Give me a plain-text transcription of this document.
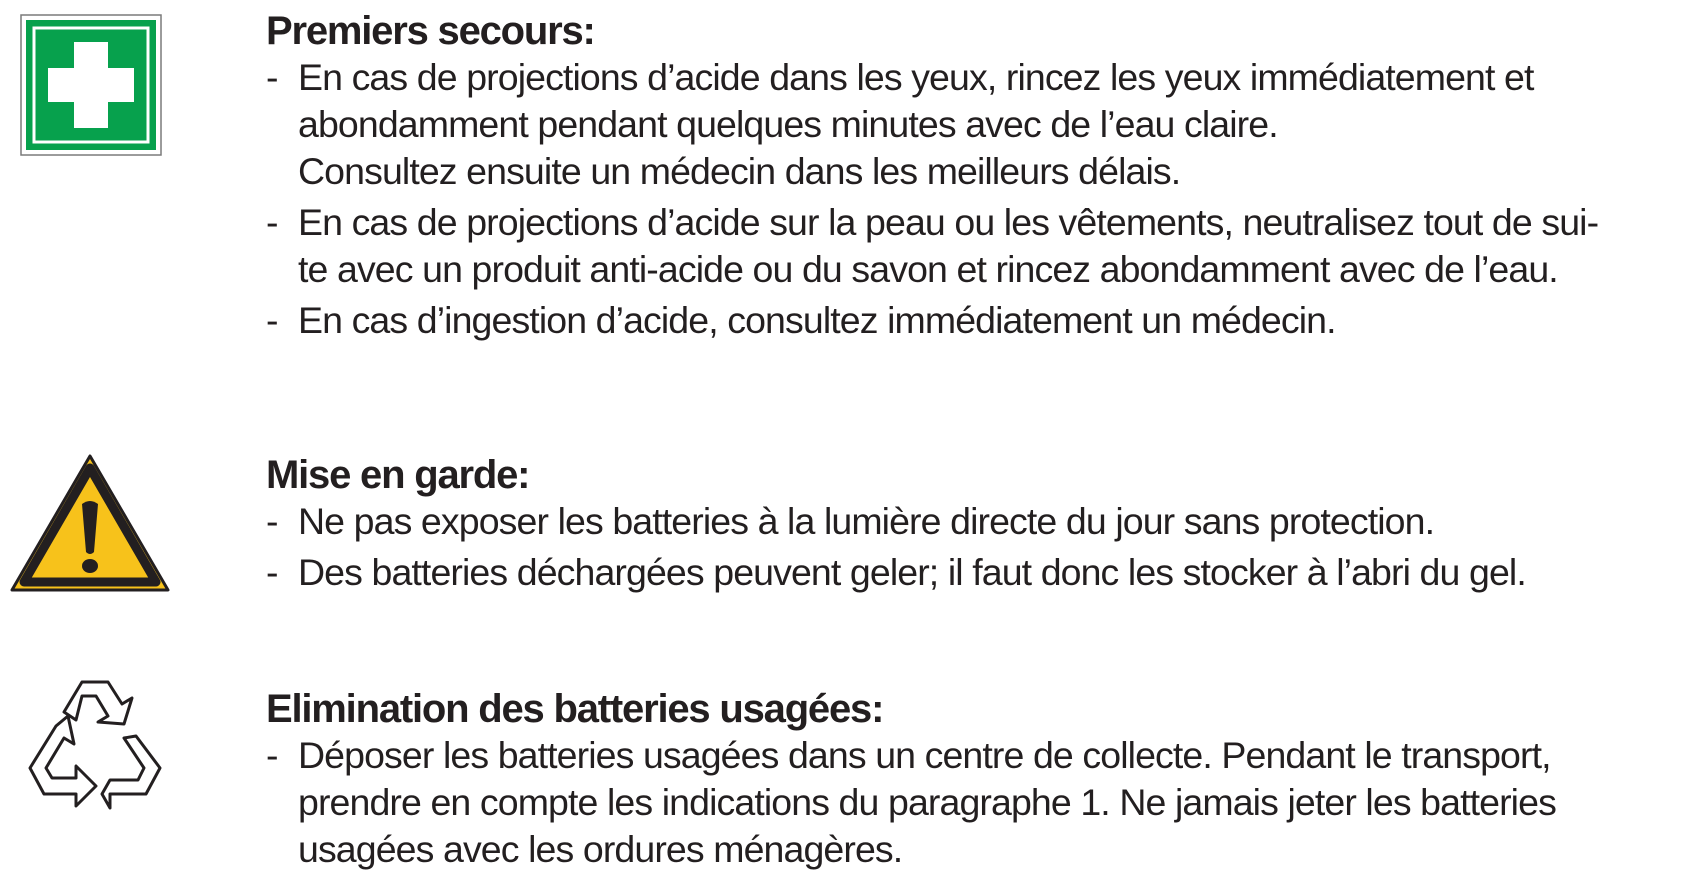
Premiers secours:
- En cas de projections d’acide dans les yeux, rincez les yeux immédiatement et
abondamment pendant quelques minutes avec de l’eau claire.
Consultez ensuite un médecin dans les meilleurs délais.
- En cas de projections d’acide sur la peau ou les vêtements, neutralisez tout de sui-
te avec un produit anti-acide ou du savon et rincez abondamment avec de l’eau.
- En cas d’ingestion d’acide, consultez immédiatement un médecin.
Mise en garde:
- Ne pas exposer les batteries à la lumière directe du jour sans protection.
- Des batteries déchargées peuvent geler; il faut donc les stocker à l’abri du gel.
Elimination des batteries usagées:
- Déposer les batteries usagées dans un centre de collecte. Pendant le transport,
prendre en compte les indications du paragraphe 1. Ne jamais jeter les batteries
usagées avec les ordures ménagères.
